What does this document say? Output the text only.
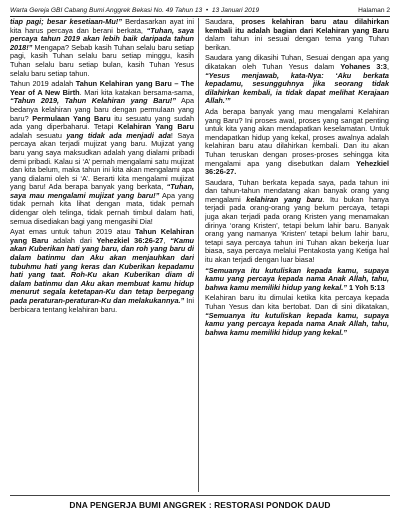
Warta Gereja GBI Cabang Bumi Anggrek Bekasi No. 49 Tahun 13 • 13 Januari 2019	Halaman 2

tiap pagi; besar kesetiaan-Mu!” Berdasarkan ayat ini kita harus percaya dan berani berkata, “Tuhan, saya percaya tahun 2019 akan lebih baik daripada tahun 2018!” Mengapa? Sebab kasih Tuhan selalu baru setiap pagi, kasih Tuhan selalu baru setiap minggu, kasih Tuhan selalu baru setiap bulan, kasih Tuhan Yesus selalu baru setiap tahun.

Tahun 2019 adalah Tahun Kelahiran yang Baru – The Year of A New Birth. Mari kita katakan bersama-sama, “Tahun 2019, Tahun Kelahiran yang Baru!” Apa bedanya kelahiran yang baru dengan permulaan yang baru? Permulaan Yang Baru itu sesuatu yang sudah ada yang diperbaharui. Tetapi Kelahiran Yang Baru adalah sesuatu yang tidak ada menjadi ada! Saya percaya akan terjadi mujizat yang baru. Mujizat yang baru yang saya maksudkan adalah yang dialami pribadi demi pribadi. Kalau si ‘A’ pernah mengalami satu mujizat dan kita belum, maka tahun ini kita akan mengalami apa yang dialami oleh si ‘A’. Berarti kita mengalami mujizat yang baru! Ada berapa banyak yang berkata, “Tuhan, saya mau mengalami mujizat yang baru!” Apa yang tidak pernah kita lihat dengan mata, tidak pernah didengar oleh telinga, tidak pernah timbul dalam hati, semua disediakan bagi yang mengasihi Dia!

Ayat emas untuk tahun 2019 atau Tahun Kelahiran yang Baru adalah dari Yehezkiel 36:26-27, “Kamu akan Kuberikan hati yang baru, dan roh yang baru di dalam batinmu dan Aku akan menjauhkan dari tubuhmu hati yang keras dan Kuberikan kepadamu hati yang taat. Roh-Ku akan Kuberikan diam di dalam batinmu dan Aku akan membuat kamu hidup menurut segala ketetapan-Ku dan tetap berpegang pada peraturan-peraturan-Ku dan melakukannya.” Ini berbicara tentang kelahiran baru.

Saudara, proses kelahiran baru atau dilahirkan kembali itu adalah bagian dari Kelahiran yang Baru dalam tahun ini sesuai dengan tema yang Tuhan berikan.

Saudara yang dikasihi Tuhan, Sesuai dengan apa yang dikatakan oleh Tuhan Yesus dalam Yohanes 3:3, “Yesus menjawab, kata-Nya: ‘Aku berkata kepadamu, sesungguhnya jika seorang tidak dilahirkan kembali, ia tidak dapat melihat Kerajaan Allah.’”

Ada berapa banyak yang mau mengalami Kelahiran yang Baru? Ini proses awal, proses yang sangat penting untuk kita yang akan mendapatkan keselamatan. Untuk mendapatkan hidup yang kekal, proses awalnya adalah kelahiran baru atau dilahirkan kembali. Dan itu akan Tuhan teruskan dengan proses-proses sehingga kita mengalami apa yang disebutkan dalam Yehezkiel 36:26-27.

Saudara, Tuhan berkata kepada saya, pada tahun ini dan tahun-tahun mendatang akan banyak orang yang mengalami kelahiran yang baru. Itu bukan hanya terjadi pada orang-orang yang belum percaya, tetapi juga akan terjadi pada orang Kristen yang menamakan dirinya ‘orang Kristen’, tetapi belum lahir baru. Banyak orang yang namanya ‘Kristen’ tetapi belum lahir baru, tetapi saya percaya tahun ini Tuhan akan bekerja luar biasa, saya percaya melalui Pentakosta yang Ketiga hal itu akan terjadi dengan luar biasa!

“Semuanya itu kutuliskan kepada kamu, supaya kamu yang percaya kepada nama Anak Allah, tahu, bahwa kamu memiliki hidup yang kekal.” 1 Yoh 5:13

Kelahiran baru itu dimulai ketika kita percaya kepada Tuhan Yesus dan kita bertobat. Dan di sini dikatakan, “Semuanya itu kutuliskan kepada kamu, supaya kamu yang percaya kepada nama Anak Allah, tahu, bahwa kamu memiliki hidup yang kekal.”

DNA PENGERJA BUMI ANGGREK : RESTORASI PONDOK DAUD
